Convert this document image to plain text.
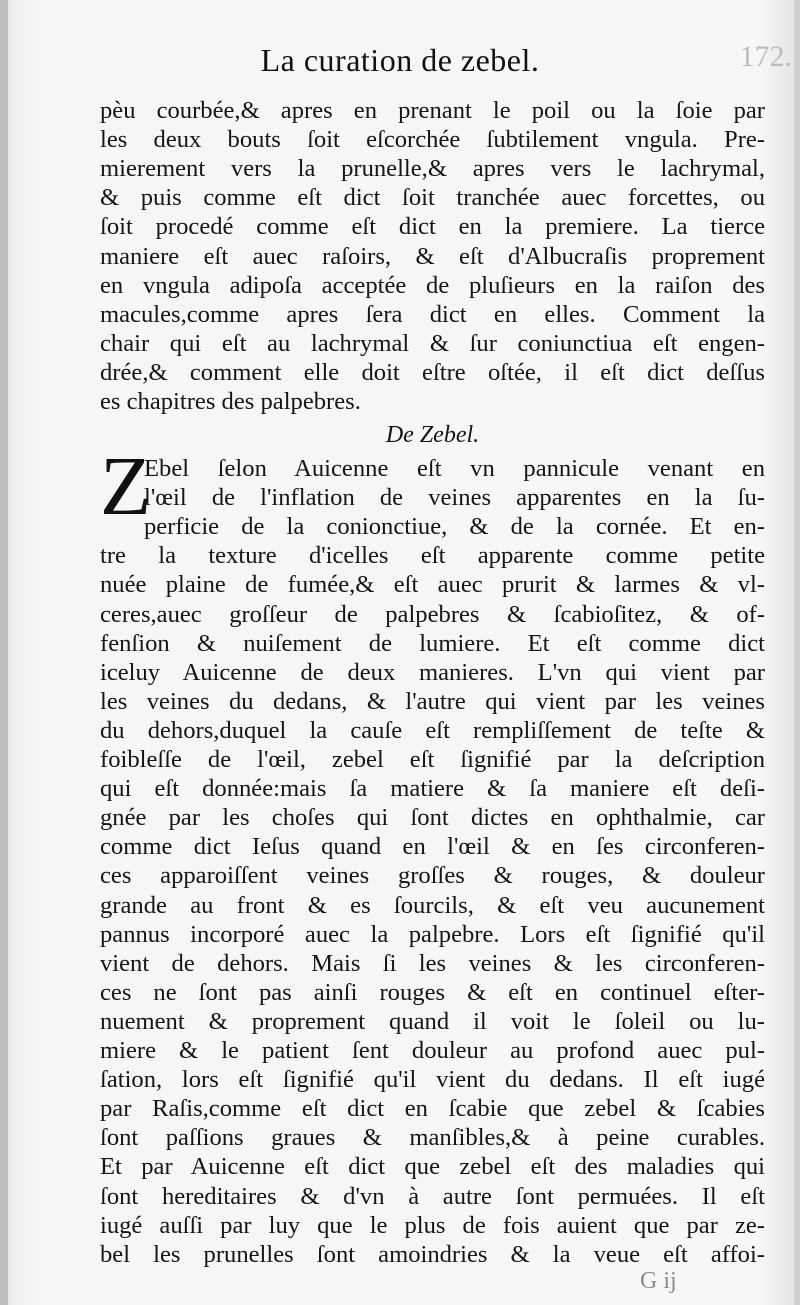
172.
La curation de zebel.
De Zebel.
pèu courbée,& apres en prenant le poil ou la ſoie par
les deux bouts ſoit eſcorchée ſubtilement vngula. Pre-
mierement vers la prunelle,& apres vers le lachrymal,
& puis comme eſt dict ſoit tranchée auec forcettes, ou
ſoit procedé comme eſt dict en la premiere. La tierce
maniere eſt auec raſoirs, & eſt d'Albucraſis proprement
en vngula adipoſa acceptée de pluſieurs en la raiſon des
macules,comme apres ſera dict en elles. Comment la
chair qui eſt au lachrymal & ſur coniunctiua eſt engen-
drée,& comment elle doit eſtre oſtée, il eſt dict deſſus
es chapitres des palpebres.
Ebel ſelon Auicenne eſt vn pannicule venant en
l'œil de l'inflation de veines apparentes en la ſu-
perficie de la conionctiue, & de la cornée. Et en-
tre la texture d'icelles eſt apparente comme petite
nuée plaine de fumée,& eſt auec prurit & larmes & vl-
ceres,auec groſſeur de palpebres & ſcabioſitez, & of-
fenſion & nuiſement de lumiere. Et eſt comme dict
iceluy Auicenne de deux manieres. L'vn qui vient par
les veines du dedans, & l'autre qui vient par les veines
du dehors,duquel la cauſe eſt rempliſſement de teſte &
foibleſſe de l'œil, zebel eſt ſignifié par la deſcription
qui eſt donnée:mais ſa matiere & ſa maniere eſt deſi-
gnée par les choſes qui ſont dictes en ophthalmie, car
comme dict Ieſus quand en l'œil & en ſes circonferen-
ces apparoiſſent veines groſſes & rouges, & douleur
grande au front & es ſourcils, & eſt veu aucunement
pannus incorporé auec la palpebre. Lors eſt ſignifié qu'il
vient de dehors. Mais ſi les veines & les circonferen-
ces ne ſont pas ainſi rouges & eſt en continuel eſter-
nuement & proprement quand il voit le ſoleil ou lu-
miere & le patient ſent douleur au profond auec pul-
ſation, lors eſt ſignifié qu'il vient du dedans. Il eſt iugé
par Raſis,comme eſt dict en ſcabie que zebel & ſcabies
ſont paſſions graues & manſibles,& à peine curables.
Et par Auicenne eſt dict que zebel eſt des maladies qui
ſont hereditaires & d'vn à autre ſont permuées. Il eſt
iugé auſſi par luy que le plus de fois auient que par ze-
bel les prunelles ſont amoindries & la veue eſt affoi-
Z
G ij
